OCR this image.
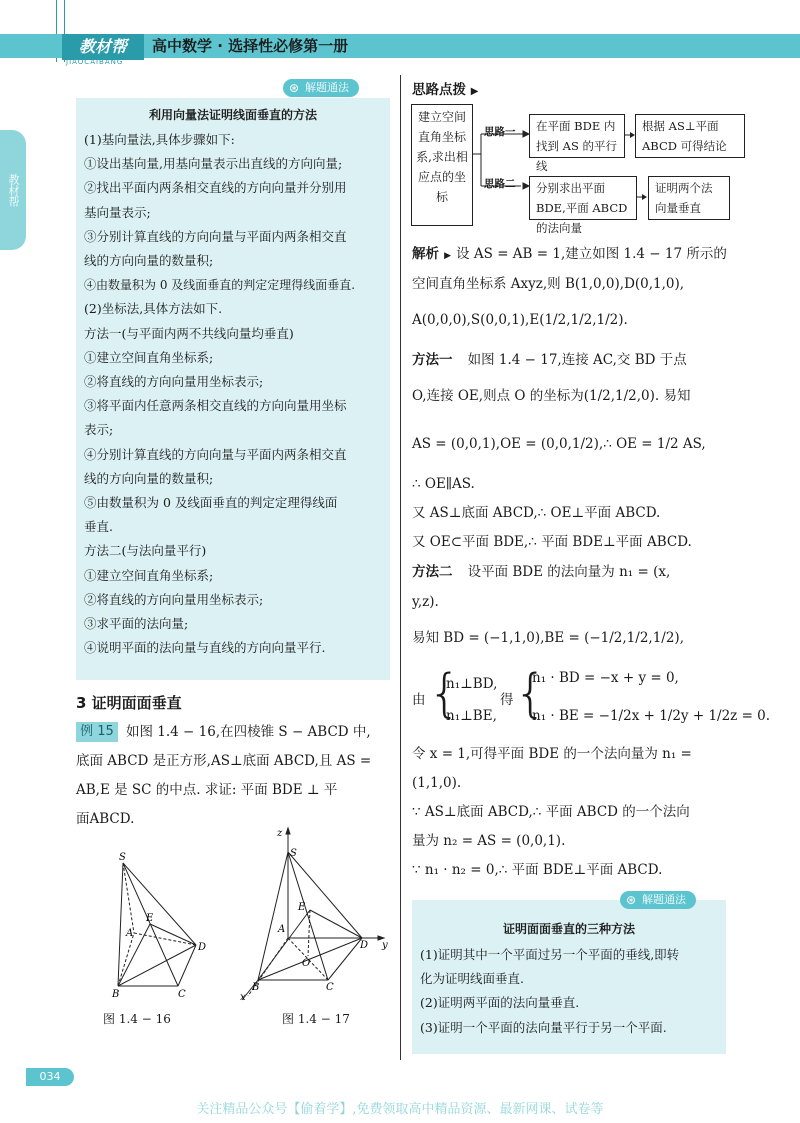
教材帮
JIAOCAIBANG
高中数学 · 选择性必修第一册
教材帮
⊛ 解题通法
利用向量法证明线面垂直的方法
(1)基向量法,具体步骤如下:
①设出基向量,用基向量表示出直线的方向向量;
②找出平面内两条相交直线的方向向量并分别用
基向量表示;
③分别计算直线的方向向量与平面内两条相交直
线的方向向量的数量积;
④由数量积为 0 及线面垂直的判定定理得线面垂直.
(2)坐标法,具体方法如下.
方法一(与平面内两不共线向量均垂直)
①建立空间直角坐标系;
②将直线的方向向量用坐标表示;
③将平面内任意两条相交直线的方向向量用坐标
表示;
④分别计算直线的方向向量与平面内两条相交直
线的方向向量的数量积;
⑤由数量积为 0 及线面垂直的判定定理得线面
垂直.
方法二(与法向量平行)
①建立空间直角坐标系;
②将直线的方向向量用坐标表示;
③求平面的法向量;
④说明平面的法向量与直线的方向向量平行.
3 证明面面垂直
例 15 如图 1.4 − 16,在四棱锥 S − ABCD 中,
底面 ABCD 是正方形,AS⊥底面 ABCD,且 AS =
AB,E 是 SC 的中点. 求证: 平面 BDE ⊥ 平
面ABCD.
S
E
A
B	C
D
图 1.4 − 16
z
S
E
A
O
B	C
D y
x
图 1.4 − 17
思路点拨 ▶
建立空间直角坐标系,求出相应点的坐标
思路一
思路二
在平面 BDE 内找到 AS 的平行线
根据 AS⊥平面 ABCD 可得结论
分别求出平面 BDE,平面 ABCD 的法向量
证明两个法向量垂直
解析 ▶ 设 AS = AB = 1,建立如图 1.4 − 17 所示的
空间直角坐标系 Axyz,则 B(1,0,0),D(0,1,0),
A(0,0,0),S(0,0,1),E(1/2,1/2,1/2).
方法一 如图 1.4 − 17,连接 AC,交 BD 于点
O,连接 OE,则点 O 的坐标为(1/2,1/2,0). 易知
AS = (0,0,1),OE = (0,0,1/2),∴ OE = 1/2 AS,
∴ OE∥AS.
又 AS⊥底面 ABCD,∴ OE⊥平面 ABCD.
又 OE⊂平面 BDE,∴ 平面 BDE⊥平面 ABCD.
方法二 设平面 BDE 的法向量为 n₁ = (x,
y,z).
易知 BD = (−1,1,0),BE = (−1/2,1/2,1/2),
由 {
n₁⊥BD,
n₁⊥BE,
得 {
n₁ · BD = −x + y = 0,
n₁ · BE = −1/2x + 1/2y + 1/2z = 0.
令 x = 1,可得平面 BDE 的一个法向量为 n₁ =
(1,1,0).
∵ AS⊥底面 ABCD,∴ 平面 ABCD 的一个法向
量为 n₂ = AS = (0,0,1).
∵ n₁ · n₂ = 0,∴ 平面 BDE⊥平面 ABCD.
⊛ 解题通法
证明面面垂直的三种方法
(1)证明其中一个平面过另一个平面的垂线,即转
化为证明线面垂直.
(2)证明两平面的法向量垂直.
(3)证明一个平面的法向量平行于另一个平面.
034
关注精品公众号【偷着学】,免费领取高中精品资源、最新网课、试卷等
